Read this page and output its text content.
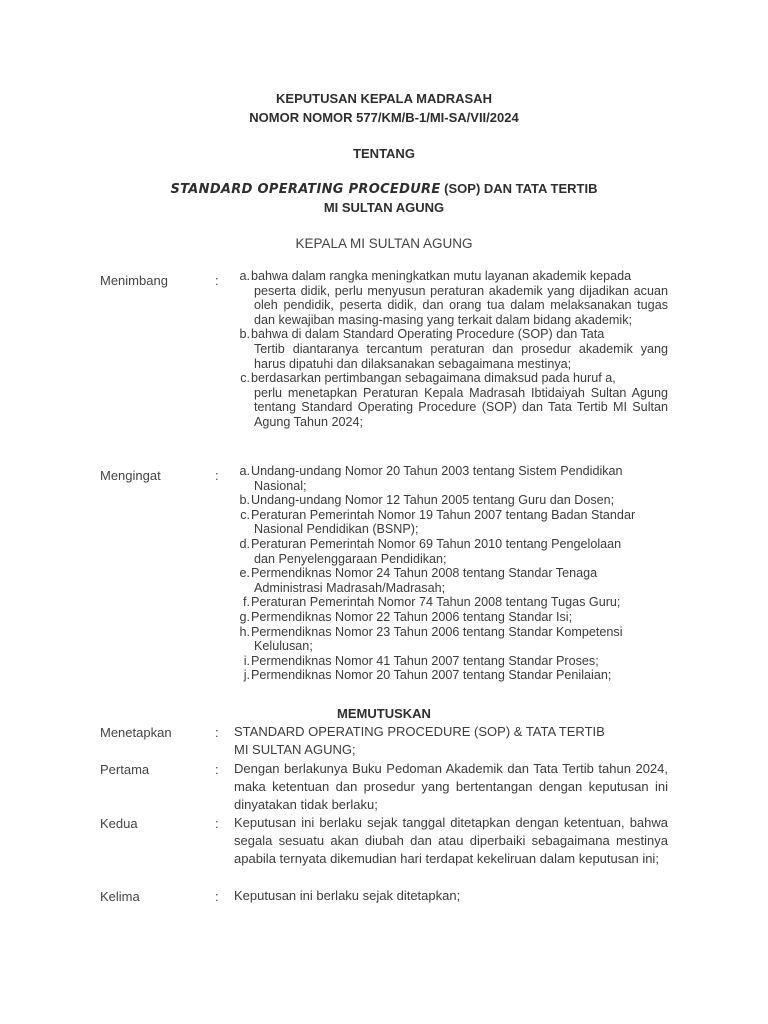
KEPUTUSAN KEPALA MADRASAH
NOMOR NOMOR 577/KM/B-1/MI-SA/VII/2024
TENTANG
STANDARD OPERATING PROCEDURE (SOP) DAN TATA TERTIB
MI SULTAN AGUNG
KEPALA MI SULTAN AGUNG
Menimbang	:	a. bahwa dalam rangka meningkatkan mutu layanan akademik kepada
peserta didik, perlu menyusun peraturan akademik yang dijadikan acuan oleh pendidik, peserta didik, dan orang tua dalam melaksanakan tugas dan kewajiban masing-masing yang terkait dalam bidang akademik;
b. bahwa di dalam Standard Operating Procedure (SOP) dan Tata
Tertib diantaranya tercantum peraturan dan prosedur akademik yang harus dipatuhi dan dilaksanakan sebagaimana mestinya;
c. berdasarkan pertimbangan sebagaimana dimaksud pada huruf a,
perlu menetapkan Peraturan Kepala Madrasah Ibtidaiyah Sultan Agung tentang Standard Operating Procedure (SOP) dan Tata Tertib MI Sultan Agung Tahun 2024;
Mengingat	:	a. Undang-undang Nomor 20 Tahun 2003 tentang Sistem Pendidikan
Nasional;
b. Undang-undang Nomor 12 Tahun 2005 tentang Guru dan Dosen;
c. Peraturan Pemerintah Nomor 19 Tahun 2007 tentang Badan Standar
Nasional Pendidikan (BSNP);
d. Peraturan Pemerintah Nomor 69 Tahun 2010 tentang Pengelolaan
dan Penyelenggaraan Pendidikan;
e. Permendiknas Nomor 24 Tahun 2008 tentang Standar Tenaga
Administrasi Madrasah/Madrasah;
f. Peraturan Pemerintah Nomor 74 Tahun 2008 tentang Tugas Guru;
g. Permendiknas Nomor 22 Tahun 2006 tentang Standar Isi;
h. Permendiknas Nomor 23 Tahun 2006 tentang Standar Kompetensi
Kelulusan;
i. Permendiknas Nomor 41 Tahun 2007 tentang Standar Proses;
j. Permendiknas Nomor 20 Tahun 2007 tentang Standar Penilaian;
MEMUTUSKAN
Menetapkan	: STANDARD OPERATING PROCEDURE (SOP) & TATA TERTIB
MI SULTAN AGUNG;
Pertama	: Dengan berlakunya Buku Pedoman Akademik dan Tata Tertib tahun 2024, maka ketentuan dan prosedur yang bertentangan dengan keputusan ini dinyatakan tidak berlaku;
Kedua	: Keputusan ini berlaku sejak tanggal ditetapkan dengan ketentuan, bahwa segala sesuatu akan diubah dan atau diperbaiki sebagaimana mestinya apabila ternyata dikemudian hari terdapat kekeliruan dalam keputusan ini;
Kelima	: Keputusan ini berlaku sejak ditetapkan;
